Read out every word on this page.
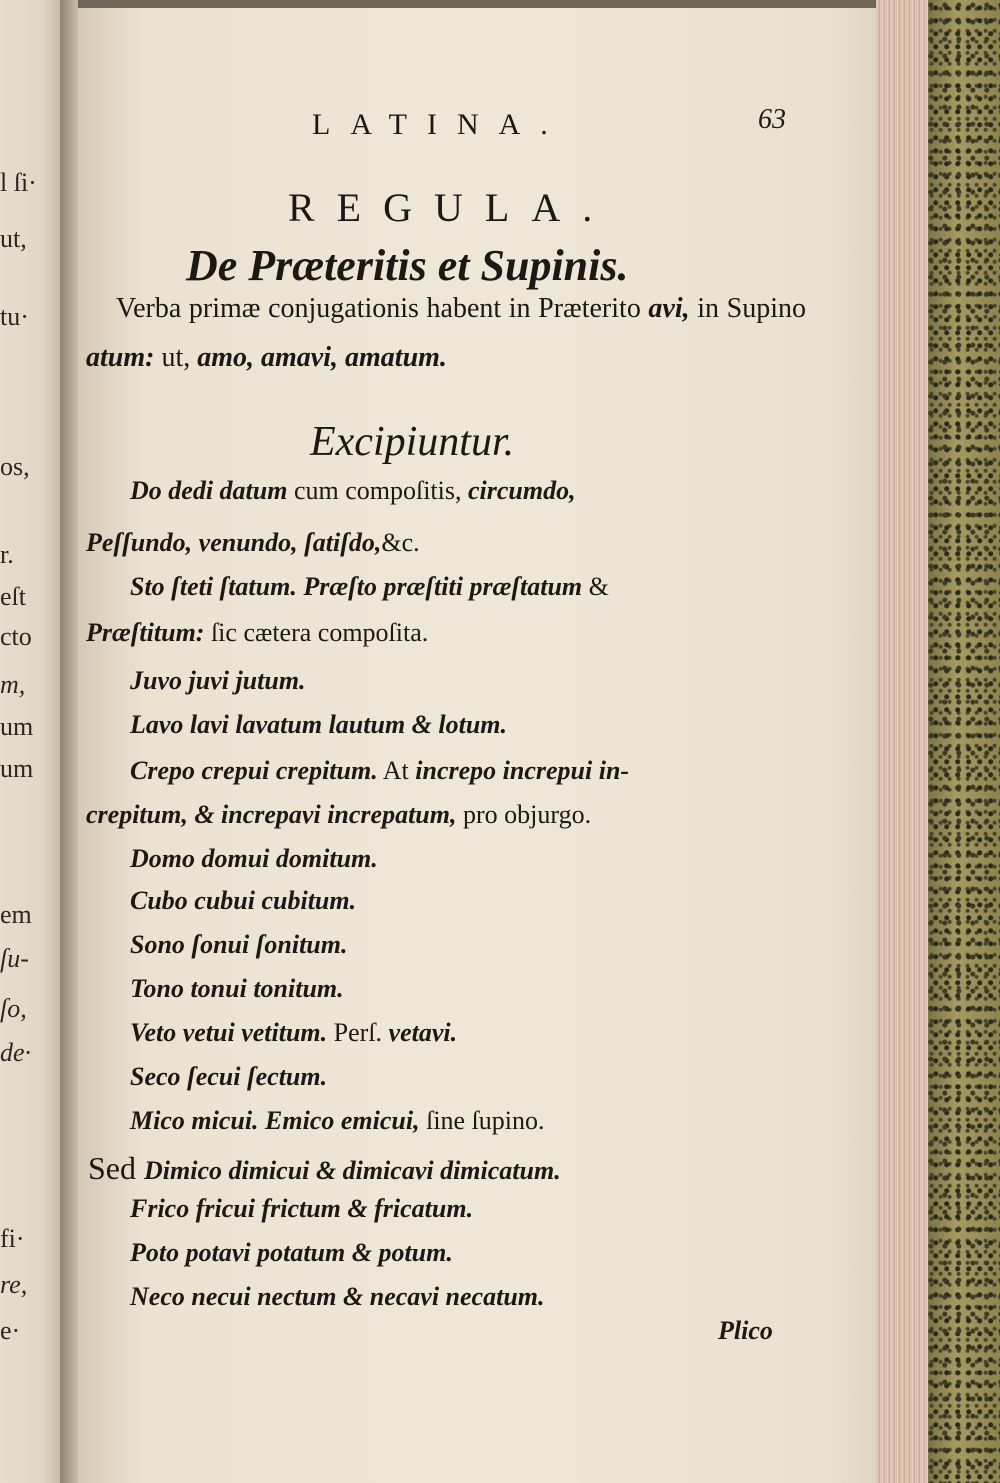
l ſi·
ut,
tu·
os,
r.
eſt
cto
m,
um
um
em
ſu-
ſo,
de·
fi·
re,
e·
LATINA.	63
REGULA.
De Præteritis et Supinis.
Verba primæ conjugationis habent in Præterito avi, in Supino atum: ut, amo, amavi, amatum.
Excipiuntur.
Do dedi datum cum compoſitis, circumdo,
Peſſundo, venundo, ſatiſdo,&c.
Sto ſteti ſtatum. Præſto præſtiti præſtatum &
Præſtitum: ſic cætera compoſita.
Juvo juvi jutum.
Lavo lavi lavatum lautum & lotum.
Crepo crepui crepitum. At increpo increpui in-
crepitum, & increpavi increpatum, pro objurgo.
Domo domui domitum.
Cubo cubui cubitum.
Sono ſonui ſonitum.
Tono tonui tonitum.
Veto vetui vetitum. Perſ. vetavi.
Seco ſecui ſectum.
Mico micui. Emico emicui, ſine ſupino.
Sed Dimico dimicui & dimicavi dimicatum.
Frico fricui frictum & fricatum.
Poto potavi potatum & potum.
Neco necui nectum & necavi necatum.
Plico
